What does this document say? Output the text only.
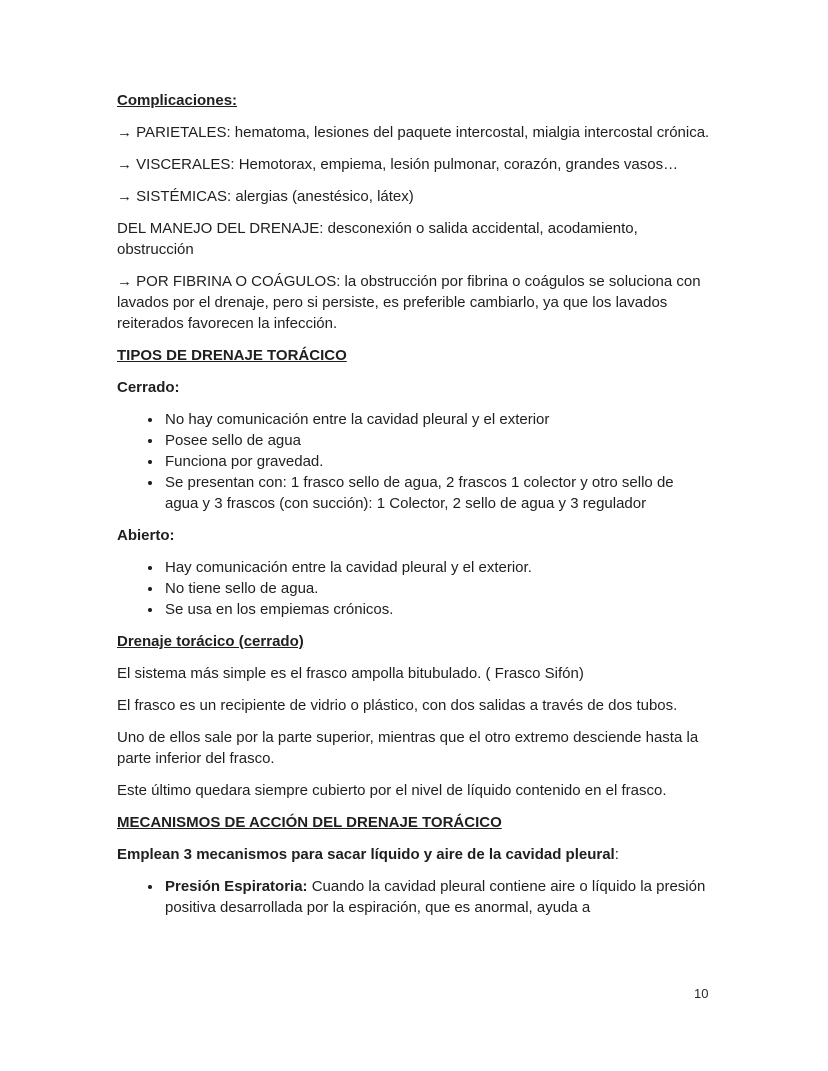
Complicaciones:

→ PARIETALES: hematoma, lesiones del paquete intercostal, mialgia intercostal crónica.

→ VISCERALES: Hemotorax, empiema, lesión pulmonar, corazón, grandes vasos…

→ SISTÉMICAS: alergias (anestésico, látex)

DEL MANEJO DEL DRENAJE: desconexión o salida accidental, acodamiento, obstrucción

→ POR FIBRINA O COÁGULOS: la obstrucción por fibrina o coágulos se soluciona con lavados por el drenaje, pero si persiste, es preferible cambiarlo, ya que los lavados reiterados favorecen la infección.

TIPOS DE DRENAJE TORÁCICO

Cerrado:

• No hay comunicación entre la cavidad pleural y el exterior
• Posee sello de agua
• Funciona por gravedad.
• Se presentan con: 1 frasco sello de agua, 2 frascos 1 colector y otro sello de agua y 3 frascos (con succión): 1 Colector, 2 sello de agua y 3 regulador

Abierto:

• Hay comunicación entre la cavidad pleural y el exterior.
• No tiene sello de agua.
• Se usa en los empiemas crónicos.

Drenaje torácico (cerrado)

El sistema más simple es el frasco ampolla bitubulado. ( Frasco Sifón)

El frasco es un recipiente de vidrio o plástico, con dos salidas a través de dos tubos.

Uno de ellos sale por la parte superior, mientras que el otro extremo desciende hasta la parte inferior del frasco.

Este último quedara siempre cubierto por el nivel de líquido contenido en el frasco.

MECANISMOS DE ACCIÓN DEL DRENAJE TORÁCICO

Emplean 3 mecanismos para sacar líquido y aire de la cavidad pleural:

• Presión Espiratoria: Cuando la cavidad pleural contiene aire o líquido la presión positiva desarrollada por la espiración, que es anormal, ayuda a
10
